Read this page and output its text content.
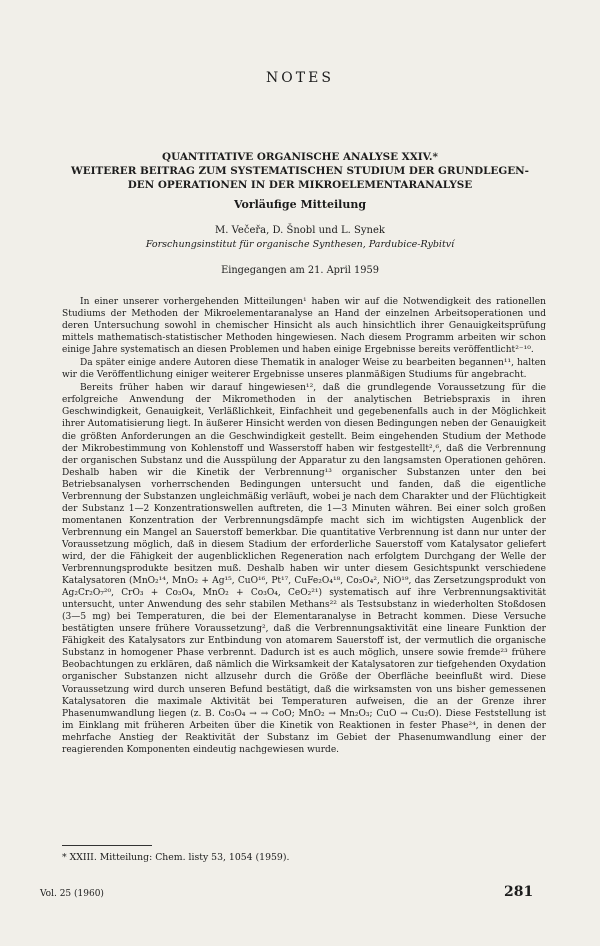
NOTES
QUANTITATIVE ORGANISCHE ANALYSE XXIV.*
WEITERER BEITRAG ZUM SYSTEMATISCHEN STUDIUM DER GRUNDLEGEN-
DEN OPERATIONEN IN DER MIKROELEMENTARANALYSE
Vorläufige Mitteilung
M. Večeřa, D. Šnobl und L. Synek
Forschungsinstitut für organische Synthesen, Pardubice-Rybitví
Eingegangen am 21. April 1959

In einer unserer vorhergehenden Mitteilungen¹ haben wir auf die Notwendigkeit des rationellen Studiums der Methoden der Mikroelementaranalyse an Hand der einzelnen Arbeitsoperationen und deren Untersuchung sowohl in chemischer Hinsicht als auch hinsichtlich ihrer Genauigkeitsprüfung mittels mathematisch-statistischer Methoden hingewiesen. Nach diesem Programm arbeiten wir schon einige Jahre systematisch an diesen Problemen und haben einige Ergebnisse bereits veröffentlicht²⁻¹⁰.

Da später einige andere Autoren diese Thematik in analoger Weise zu bearbeiten begannen¹¹, halten wir die Veröffentlichung einiger weiterer Ergebnisse unseres planmäßigen Studiums für angebracht.

Bereits früher haben wir darauf hingewiesen¹², daß die grundlegende Voraussetzung für die erfolgreiche Anwendung der Mikromethoden in der analytischen Betriebspraxis in ihren Geschwindigkeit, Genauigkeit, Verläßlichkeit, Einfachheit und gegebenenfalls auch in der Möglichkeit ihrer Automatisierung liegt. In äußerer Hinsicht werden von diesen Bedingungen neben der Genauigkeit die größten Anforderungen an die Geschwindigkeit gestellt. Beim eingehenden Studium der Methode der Mikrobestimmung von Kohlenstoff und Wasserstoff haben wir festgestellt²,⁶, daß die Verbrennung der organischen Substanz und die Ausspülung der Apparatur zu den langsamsten Operationen gehören. Deshalb haben wir die Kinetik der Verbrennung¹³ organischer Substanzen unter den bei Betriebsanalysen vorherrschenden Bedingungen untersucht und fanden, daß die eigentliche Verbrennung der Substanzen ungleichmäßig verläuft, wobei je nach dem Charakter und der Flüchtigkeit der Substanz 1—2 Konzentrationswellen auftreten, die 1—3 Minuten währen. Bei einer solch großen momentanen Konzentration der Verbrennungsdämpfe macht sich im wichtigsten Augenblick der Verbrennung ein Mangel an Sauerstoff bemerkbar. Die quantitative Verbrennung ist dann nur unter der Voraussetzung möglich, daß in diesem Stadium der erforderliche Sauerstoff vom Katalysator geliefert wird, der die Fähigkeit der augenblicklichen Regeneration nach erfolgtem Durchgang der Welle der Verbrennungsprodukte besitzen muß. Deshalb haben wir unter diesem Gesichtspunkt verschiedene Katalysatoren (MnO₂¹⁴, MnO₂ + Ag¹⁵, CuO¹⁶, Pt¹⁷, CuFe₂O₄¹⁸, Co₃O₄², NiO¹⁹, das Zersetzungsprodukt von Ag₂Cr₂O₇²⁰, CrO₃ + Co₃O₄, MnO₂ + Co₃O₄, CeO₂²¹) systematisch auf ihre Verbrennungsaktivität untersucht, unter Anwendung des sehr stabilen Methans²² als Testsubstanz in wiederholten Stoßdosen (3—5 mg) bei Temperaturen, die bei der Elementaranalyse in Betracht kommen. Diese Versuche bestätigten unsere frühere Voraussetzung², daß die Verbrennungsaktivität eine lineare Funktion der Fähigkeit des Katalysators zur Entbindung von atomarem Sauerstoff ist, der vermutlich die organische Substanz in homogener Phase verbrennt. Dadurch ist es auch möglich, unsere sowie fremde²³ frühere Beobachtungen zu erklären, daß nämlich die Wirksamkeit der Katalysatoren zur tiefgehenden Oxydation organischer Substanzen nicht allzusehr durch die Größe der Oberfläche beeinflußt wird. Diese Voraussetzung wird durch unseren Befund bestätigt, daß die wirksamsten von uns bisher gemessenen Katalysatoren die maximale Aktivität bei Temperaturen aufweisen, die an der Grenze ihrer Phasenumwandlung liegen (z. B. Co₃O₄ → → CoO; MnO₂ → Mn₂O₃; CuO → Cu₂O). Diese Feststellung ist im Einklang mit früheren Arbeiten über die Kinetik von Reaktionen in fester Phase²⁴, in denen der mehrfache Anstieg der Reaktivität der Substanz im Gebiet der Phasenumwandlung einer der reagierenden Komponenten eindeutig nachgewiesen wurde.

* XXIII. Mitteilung: Chem. listy 53, 1054 (1959).
Vol. 25 (1960)	281
